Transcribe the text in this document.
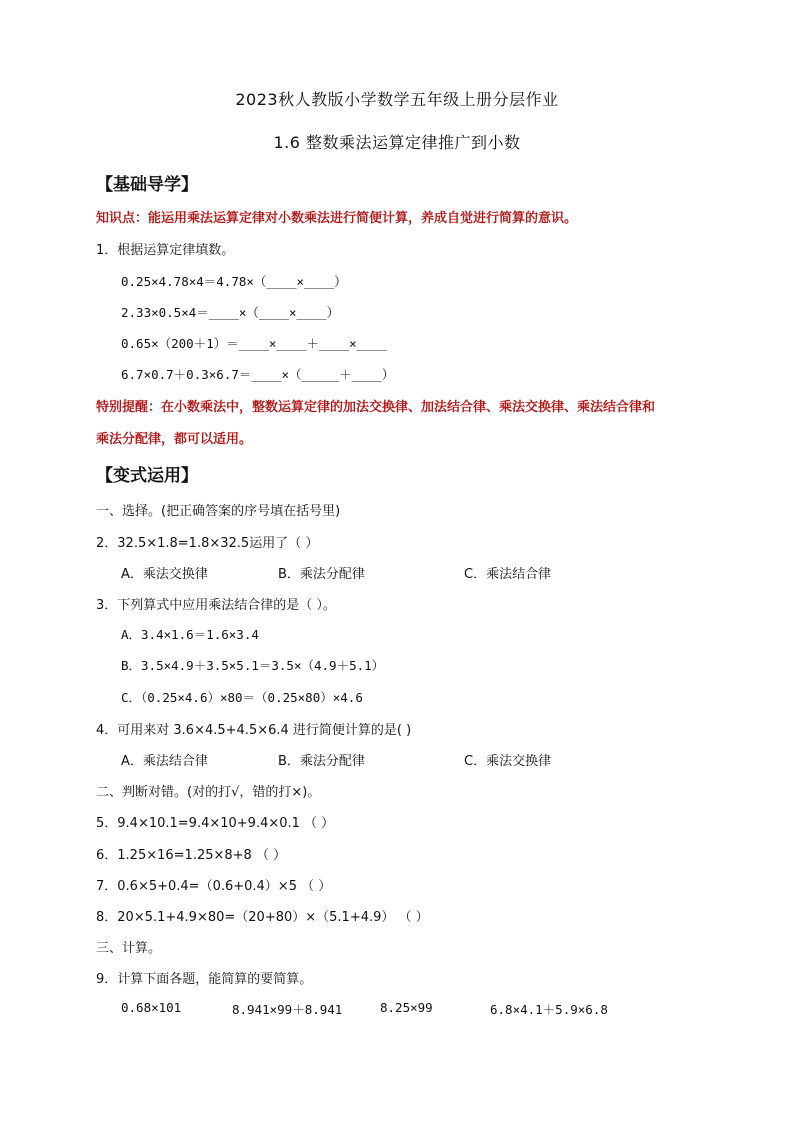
2023秋人教版小学数学五年级上册分层作业
1.6 整数乘法运算定律推广到小数
【基础导学】
知识点：能运用乘法运算定律对小数乘法进行简便计算，养成自觉进行简算的意识。
1．根据运算定律填数。
0.25×4.78×4＝4.78×（____×____）
2.33×0.5×4＝____×（____×____）
0.65×（200＋1）＝____×____＋____×____
6.7×0.7＋0.3×6.7＝____×（_____＋____）
特别提醒：在小数乘法中，整数运算定律的加法交换律、加法结合律、乘法交换律、乘法结合律和
乘法分配律，都可以适用。
【变式运用】
一、选择。(把正确答案的序号填在括号里)
2．32.5×1.8=1.8×32.5运用了（ ）
A．乘法交换律	B．乘法分配律	C．乘法结合律
3．下列算式中应用乘法结合律的是（ ）。
A．3.4×1.6＝1.6×3.4
B．3.5×4.9＋3.5×5.1＝3.5×（4.9＋5.1）
C．（0.25×4.6）×80＝（0.25×80）×4.6
4．可用来对 3.6×4.5+4.5×6.4 进行简便计算的是( )
A．乘法结合律	B．乘法分配律	C．乘法交换律
二、判断对错。(对的打√，错的打×)。
5．9.4×10.1=9.4×10+9.4×0.1 （ ）
6．1.25×16=1.25×8+8 （ ）
7．0.6×5+0.4=（0.6+0.4）×5 （ ）
8．20×5.1+4.9×80=（20+80）×（5.1+4.9） （ ）
三、计算。
9．计算下面各题，能简算的要简算。
0.68×101	8.941×99＋8.941	8.25×99	6.8×4.1＋5.9×6.8
